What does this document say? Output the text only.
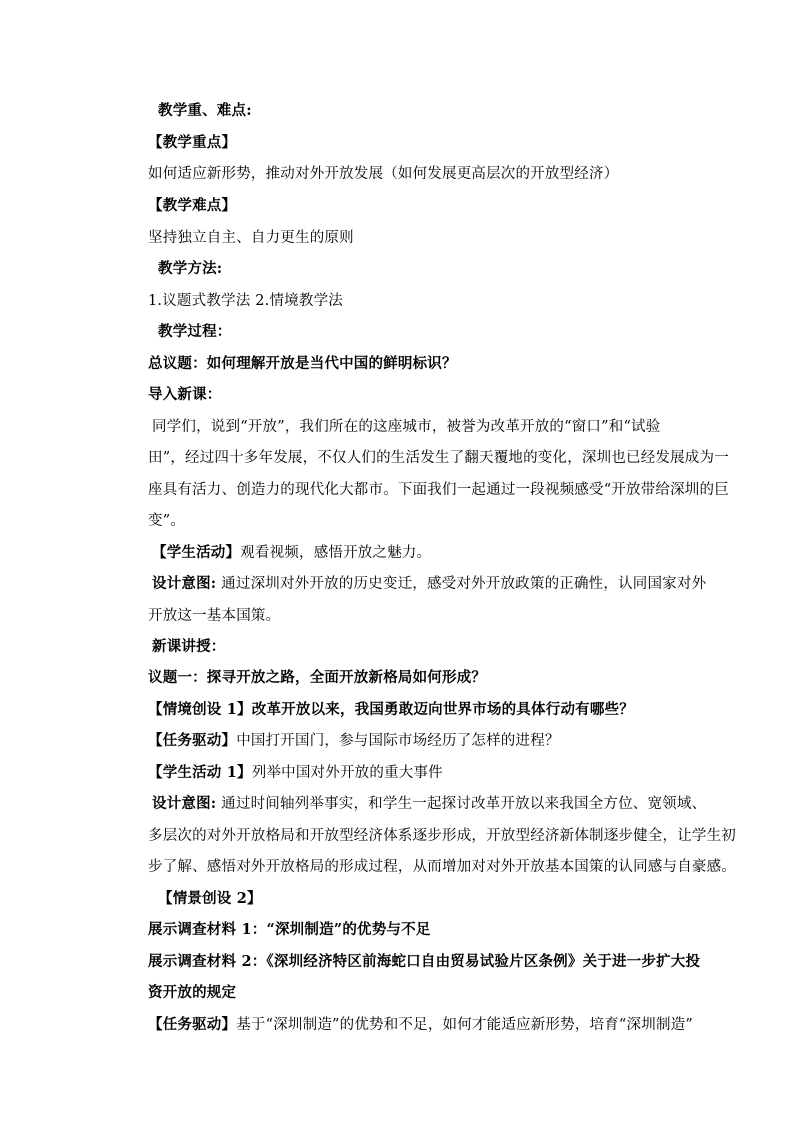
教学重、难点:
【教学重点】
如何适应新形势，推动对外开放发展（如何发展更高层次的开放型经济）
【教学难点】
坚持独立自主、自力更生的原则
教学方法:
1.议题式教学法 2.情境教学法
教学过程：
总议题：如何理解开放是当代中国的鲜明标识？
导入新课：
同学们，说到“开放”，我们所在的这座城市，被誉为改革开放的“窗口”和“试验
田”，经过四十多年发展，不仅人们的生活发生了翻天覆地的变化，深圳也已经发展成为一
座具有活力、创造力的现代化大都市。下面我们一起通过一段视频感受“开放带给深圳的巨
变”。
【学生活动】观看视频，感悟开放之魅力。
设计意图: 通过深圳对外开放的历史变迁，感受对外开放政策的正确性，认同国家对外
开放这一基本国策。
新课讲授：
议题一：探寻开放之路，全面开放新格局如何形成？
【情境创设 1】改革开放以来，我国勇敢迈向世界市场的具体行动有哪些？
【任务驱动】中国打开国门，参与国际市场经历了怎样的进程？
【学生活动 1】列举中国对外开放的重大事件
设计意图: 通过时间轴列举事实，和学生一起探讨改革开放以来我国全方位、宽领域、
多层次的对外开放格局和开放型经济体系逐步形成，开放型经济新体制逐步健全，让学生初
步了解、感悟对外开放格局的形成过程，从而增加对对外开放基本国策的认同感与自豪感。
【情景创设 2】
展示调查材料 1：“深圳制造”的优势与不足
展示调查材料 2：《深圳经济特区前海蛇口自由贸易试验片区条例》关于进一步扩大投
资开放的规定
【任务驱动】基于“深圳制造”的优势和不足，如何才能适应新形势，培育“深圳制造”
